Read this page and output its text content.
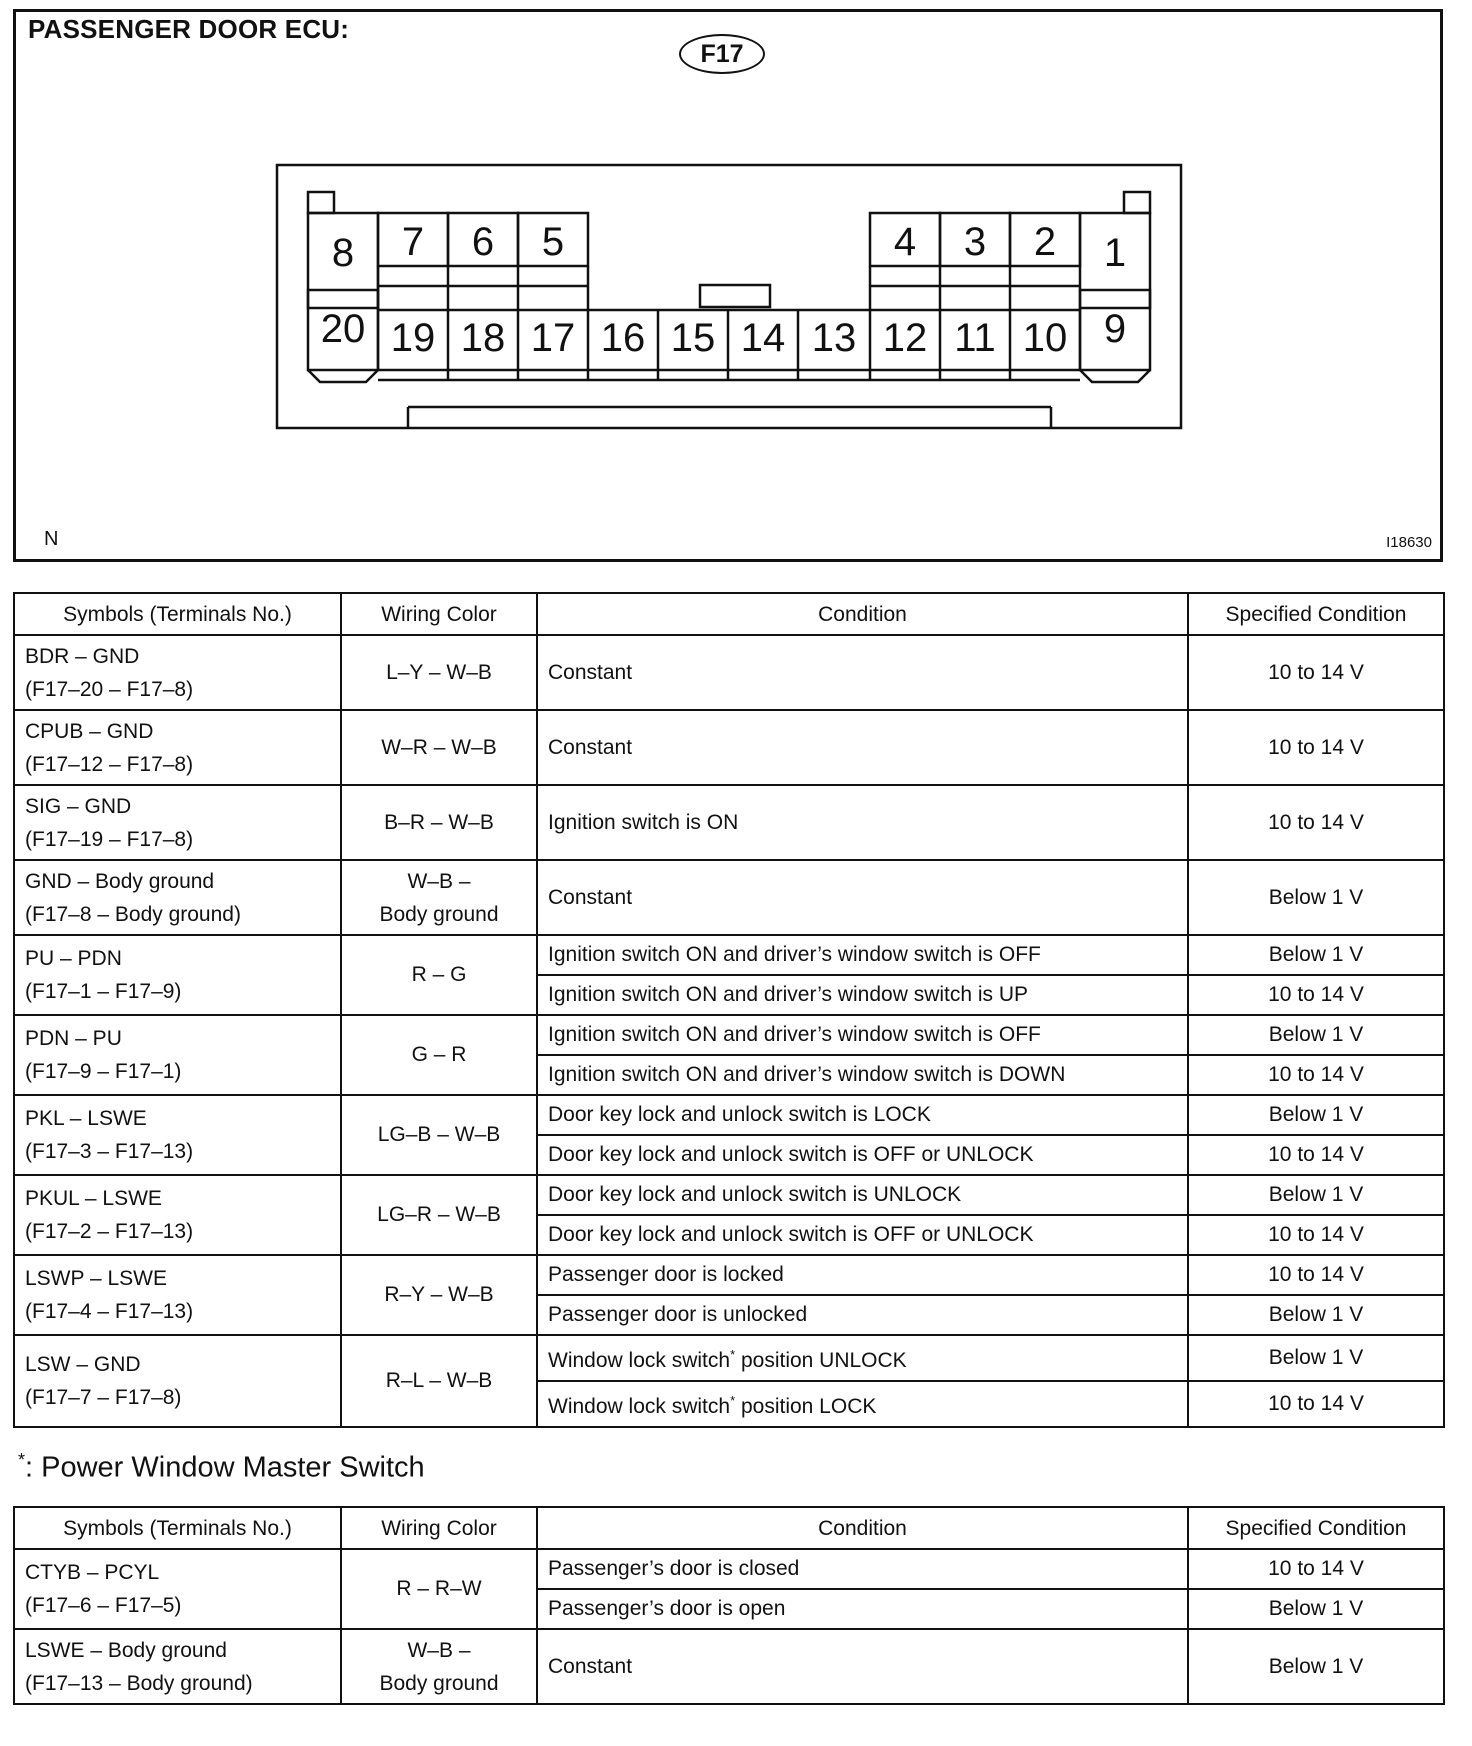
PASSENGER DOOR ECU:
F17
8 7 6 5	4 3 2 1
20 19 18 17 16 15 14 13 12 11 10 9
N	I18630
Symbols (Terminals No.)	Wiring Color	Condition	Specified Condition

BDR – GND
(F17–20 – F17–8)	L–Y – W–B	Constant	10 to 14 V

CPUB – GND
(F17–12 – F17–8)	W–R – W–B	Constant	10 to 14 V

SIG – GND
(F17–19 – F17–8)	B–R – W–B	Ignition switch is ON	10 to 14 V

GND – Body ground
(F17–8 – Body ground)	W–B –
Body ground	Constant	Below 1 V

PU – PDN
(F17–1 – F17–9)	R – G	Ignition switch ON and driver’s window switch is OFF	Below 1 V
		Ignition switch ON and driver’s window switch is UP	10 to 14 V

PDN – PU
(F17–9 – F17–1)	G – R	Ignition switch ON and driver’s window switch is OFF	Below 1 V
		Ignition switch ON and driver’s window switch is DOWN	10 to 14 V

PKL – LSWE
(F17–3 – F17–13)	LG–B – W–B	Door key lock and unlock switch is LOCK	Below 1 V
		Door key lock and unlock switch is OFF or UNLOCK	10 to 14 V

PKUL – LSWE
(F17–2 – F17–13)	LG–R – W–B	Door key lock and unlock switch is UNLOCK	Below 1 V
		Door key lock and unlock switch is OFF or UNLOCK	10 to 14 V

LSWP – LSWE
(F17–4 – F17–13)	R–Y – W–B	Passenger door is locked	10 to 14 V
		Passenger door is unlocked	Below 1 V

LSW – GND
(F17–7 – F17–8)	R–L – W–B	Window lock switch* position UNLOCK	Below 1 V
		Window lock switch* position LOCK	10 to 14 V
*: Power Window Master Switch
Symbols (Terminals No.)	Wiring Color	Condition	Specified Condition

CTYB – PCYL
(F17–6 – F17–5)	R – R–W	Passenger’s door is closed	10 to 14 V
		Passenger’s door is open	Below 1 V

LSWE – Body ground
(F17–13 – Body ground)	W–B –
Body ground	Constant	Below 1 V
